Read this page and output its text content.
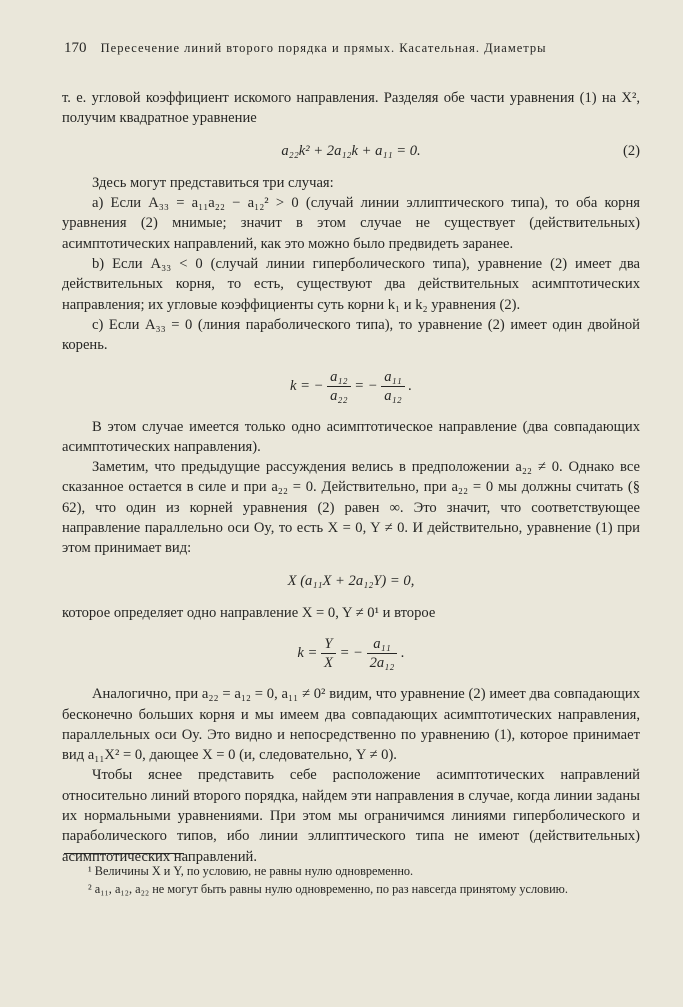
170 Пересечение линий второго порядка и прямых. Касательная. Диаметры

т. е. угловой коэффициент искомого направления. Разделяя обе части уравнения (1) на X², получим квадратное уравнение

a₂₂k² + 2a₁₂k + a₁₁ = 0.	(2)

Здесь могут представиться три случая:

а) Если A₃₃ = a₁₁a₂₂ − a₁₂² > 0 (случай линии эллиптического типа), то оба корня уравнения (2) мнимые; значит в этом случае не существует (действительных) асимптотических направлений, как это можно было предвидеть заранее.

b) Если A₃₃ < 0 (случай линии гиперболического типа), уравнение (2) имеет два действительных корня, то есть, существуют два действительных асимптотических направления; их угловые коэффициенты суть корни k₁ и k₂ уравнения (2).

с) Если A₃₃ = 0 (линия параболического типа), то уравнение (2) имеет один двойной корень.

k = − $\frac{\text{a₁₂}}{\text{a₂₂}}$ = − $\frac{\text{a₁₁}}{\text{a₁₂}}$ .

В этом случае имеется только одно асимптотическое направление (два совпадающих асимптотических направления).

Заметим, что предыдущие рассуждения велись в предположении a₂₂ ≠ 0. Однако все сказанное остается в силе и при a₂₂ = 0. Действительно, при a₂₂ = 0 мы должны считать (§ 62), что один из корней уравнения (2) равен ∞. Это значит, что соответствующее направление параллельно оси Oy, то есть X = 0, Y ≠ 0. И действительно, уравнение (1) при этом принимает вид:

X (a₁₁X + 2a₁₂Y) = 0,

которое определяет одно направление X = 0, Y ≠ 0¹ и второе

$k = \frac{Y}{X}$ = − $\frac{\text{a₁₁}}{\text{2a₁₂}}$ .

Аналогично, при a₂₂ = a₁₂ = 0, a₁₁ ≠ 0² видим, что уравнение (2) имеет два совпадающих бесконечно больших корня и мы имеем два совпадающих асимптотических направления, параллельных оси Oy. Это видно и непосредственно по уравнению (1), которое принимает вид a₁₁X² = 0, дающее X = 0 (и, следовательно, Y ≠ 0).

Чтобы яснее представить себе расположение асимптотических направлений относительно линий второго порядка, найдем эти направления в случае, когда линии заданы их нормальными уравнениями. При этом мы ограничимся линиями гиперболического и параболического типов, ибо линии эллиптического типа не имеют (действительных) асимптотических направлений.

¹ Величины X и Y, по условию, не равны нулю одновременно.

² a₁₁, a₁₂, a₂₂ не могут быть равны нулю одновременно, по раз навсегда принятому условию.
